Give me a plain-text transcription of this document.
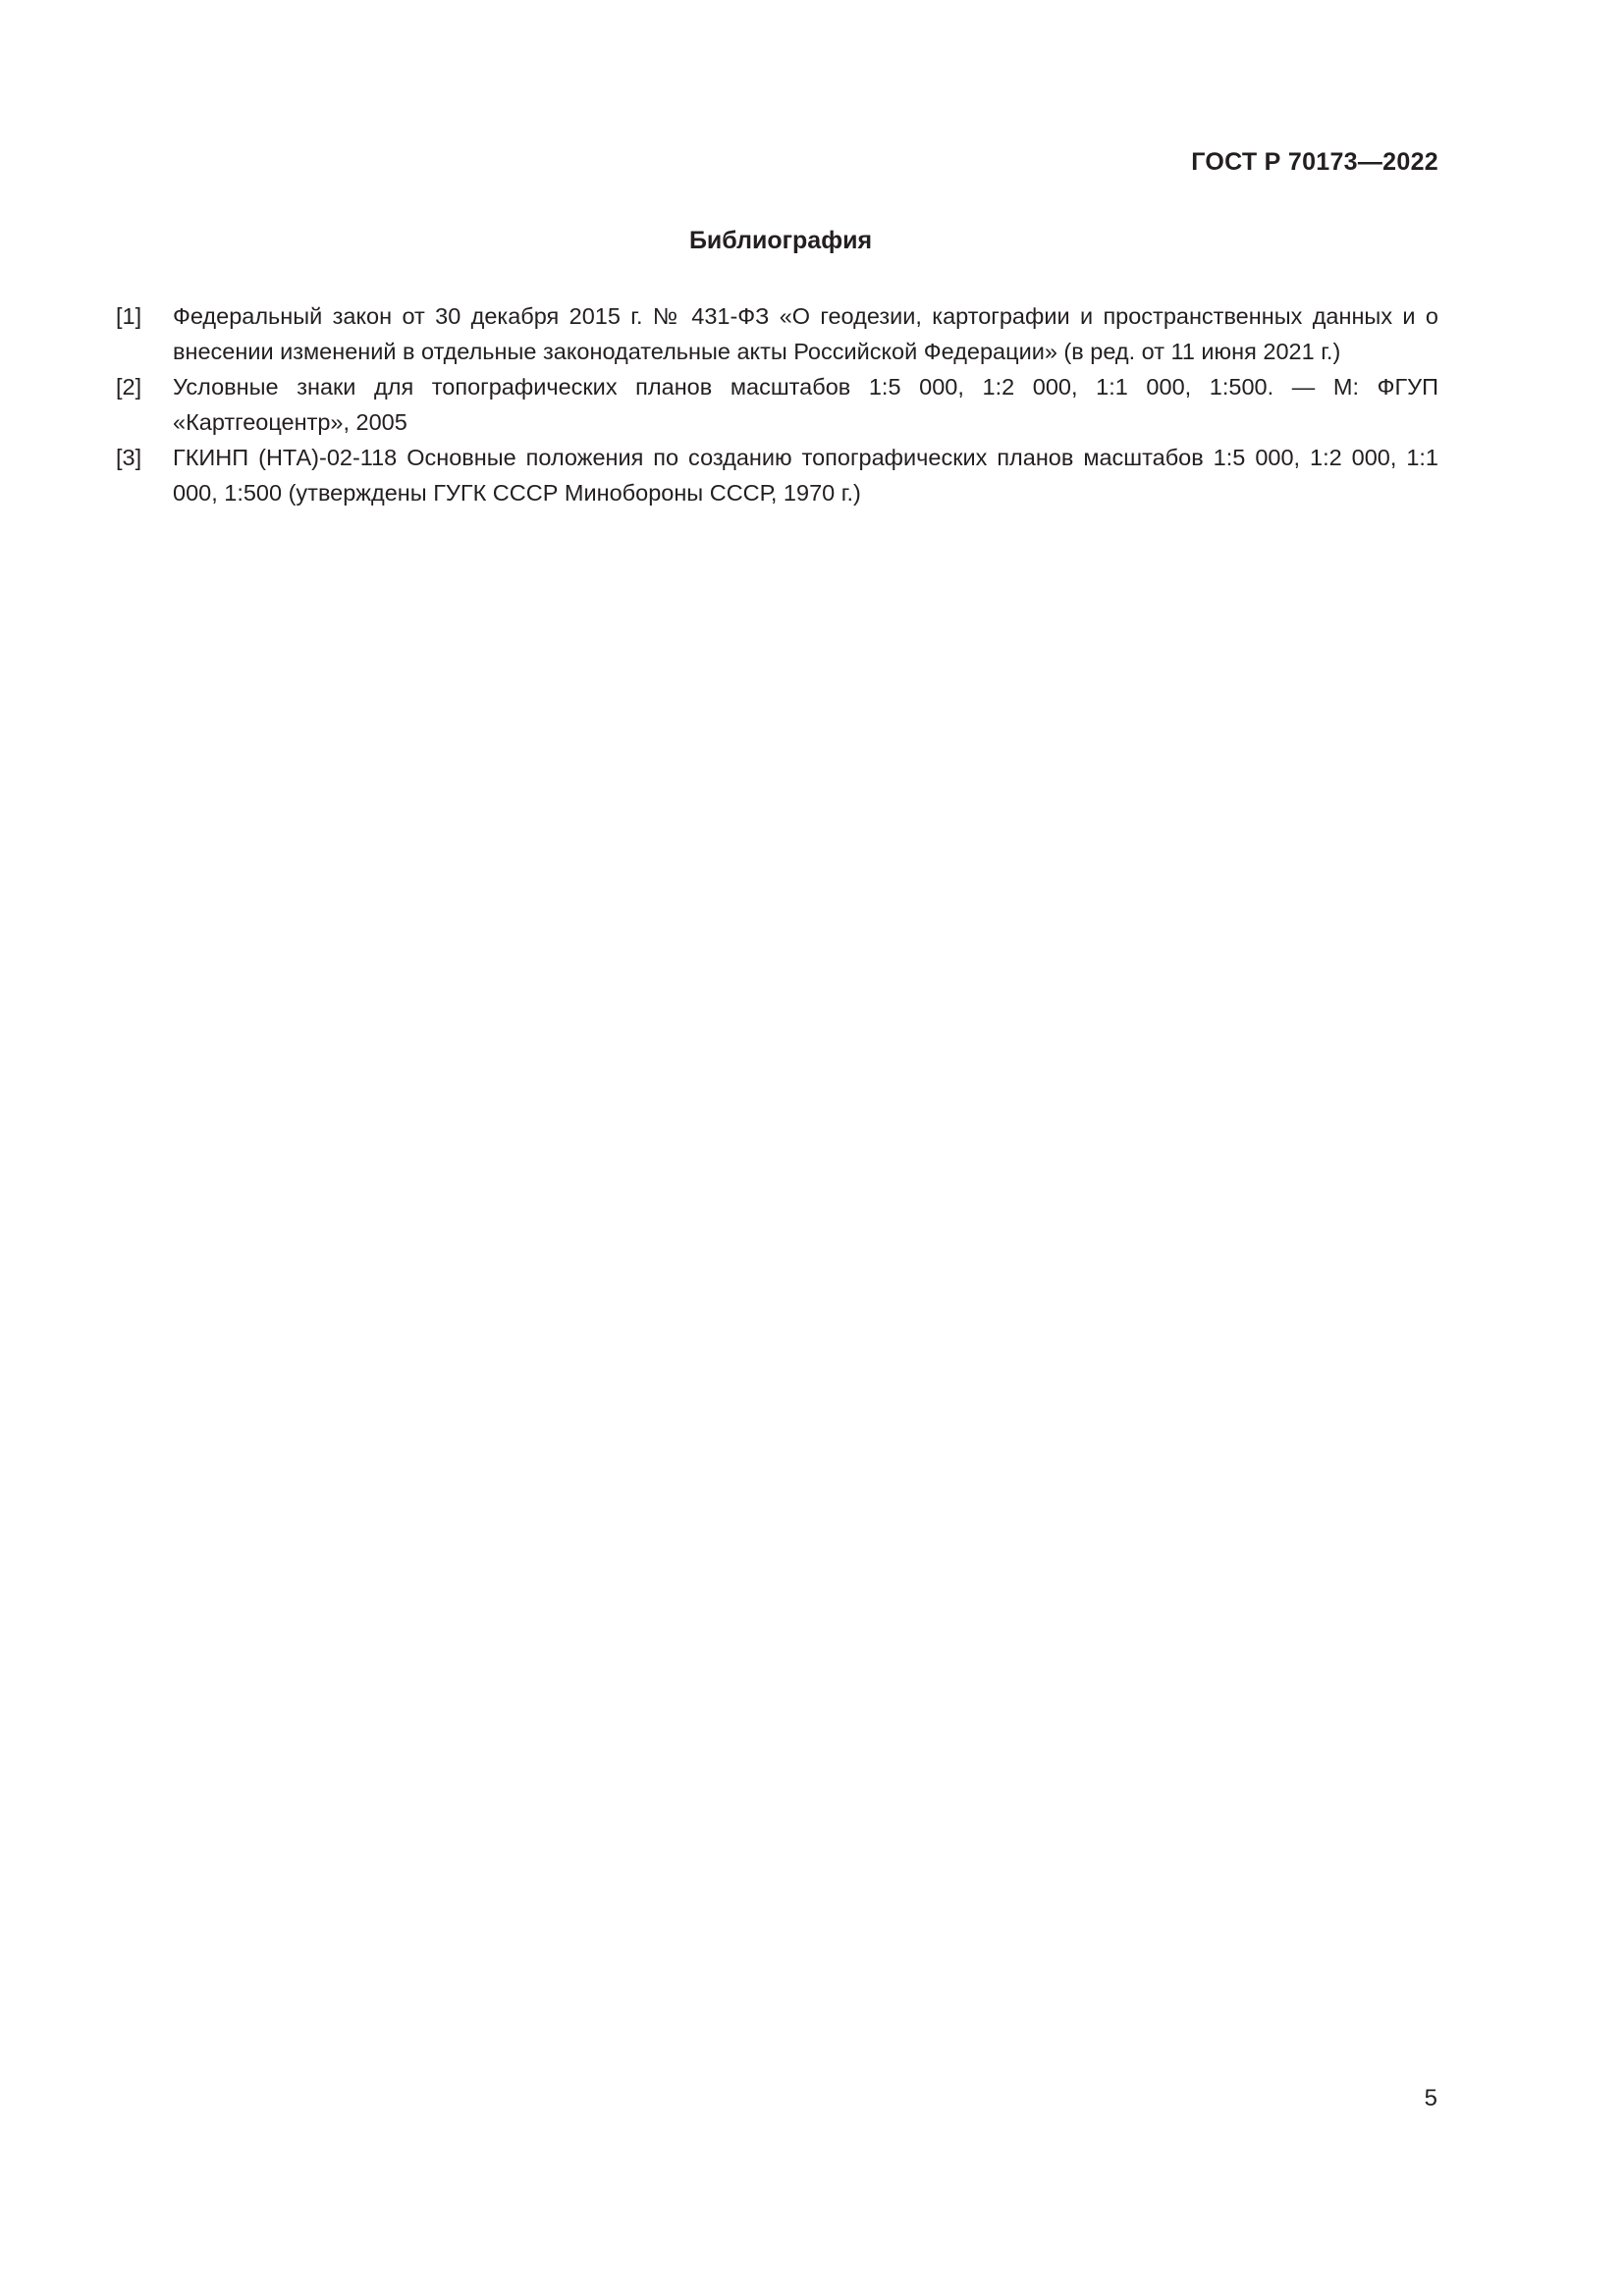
ГОСТ Р 70173—2022
Библиография
[1]	Федеральный закон от 30 декабря 2015 г. № 431-ФЗ «О геодезии, картографии и пространственных данных и о внесении изменений в отдельные законодательные акты Российской Федерации» (в ред. от 11 июня 2021 г.)
[2]	Условные знаки для топографических планов масштабов 1:5 000, 1:2 000, 1:1 000, 1:500. — М: ФГУП «Картгеоцентр», 2005
[3]	ГКИНП (НТА)-02-118 Основные положения по созданию топографических планов масштабов 1:5 000, 1:2 000, 1:1 000, 1:500 (утверждены ГУГК СССР Минобороны СССР, 1970 г.)
5
